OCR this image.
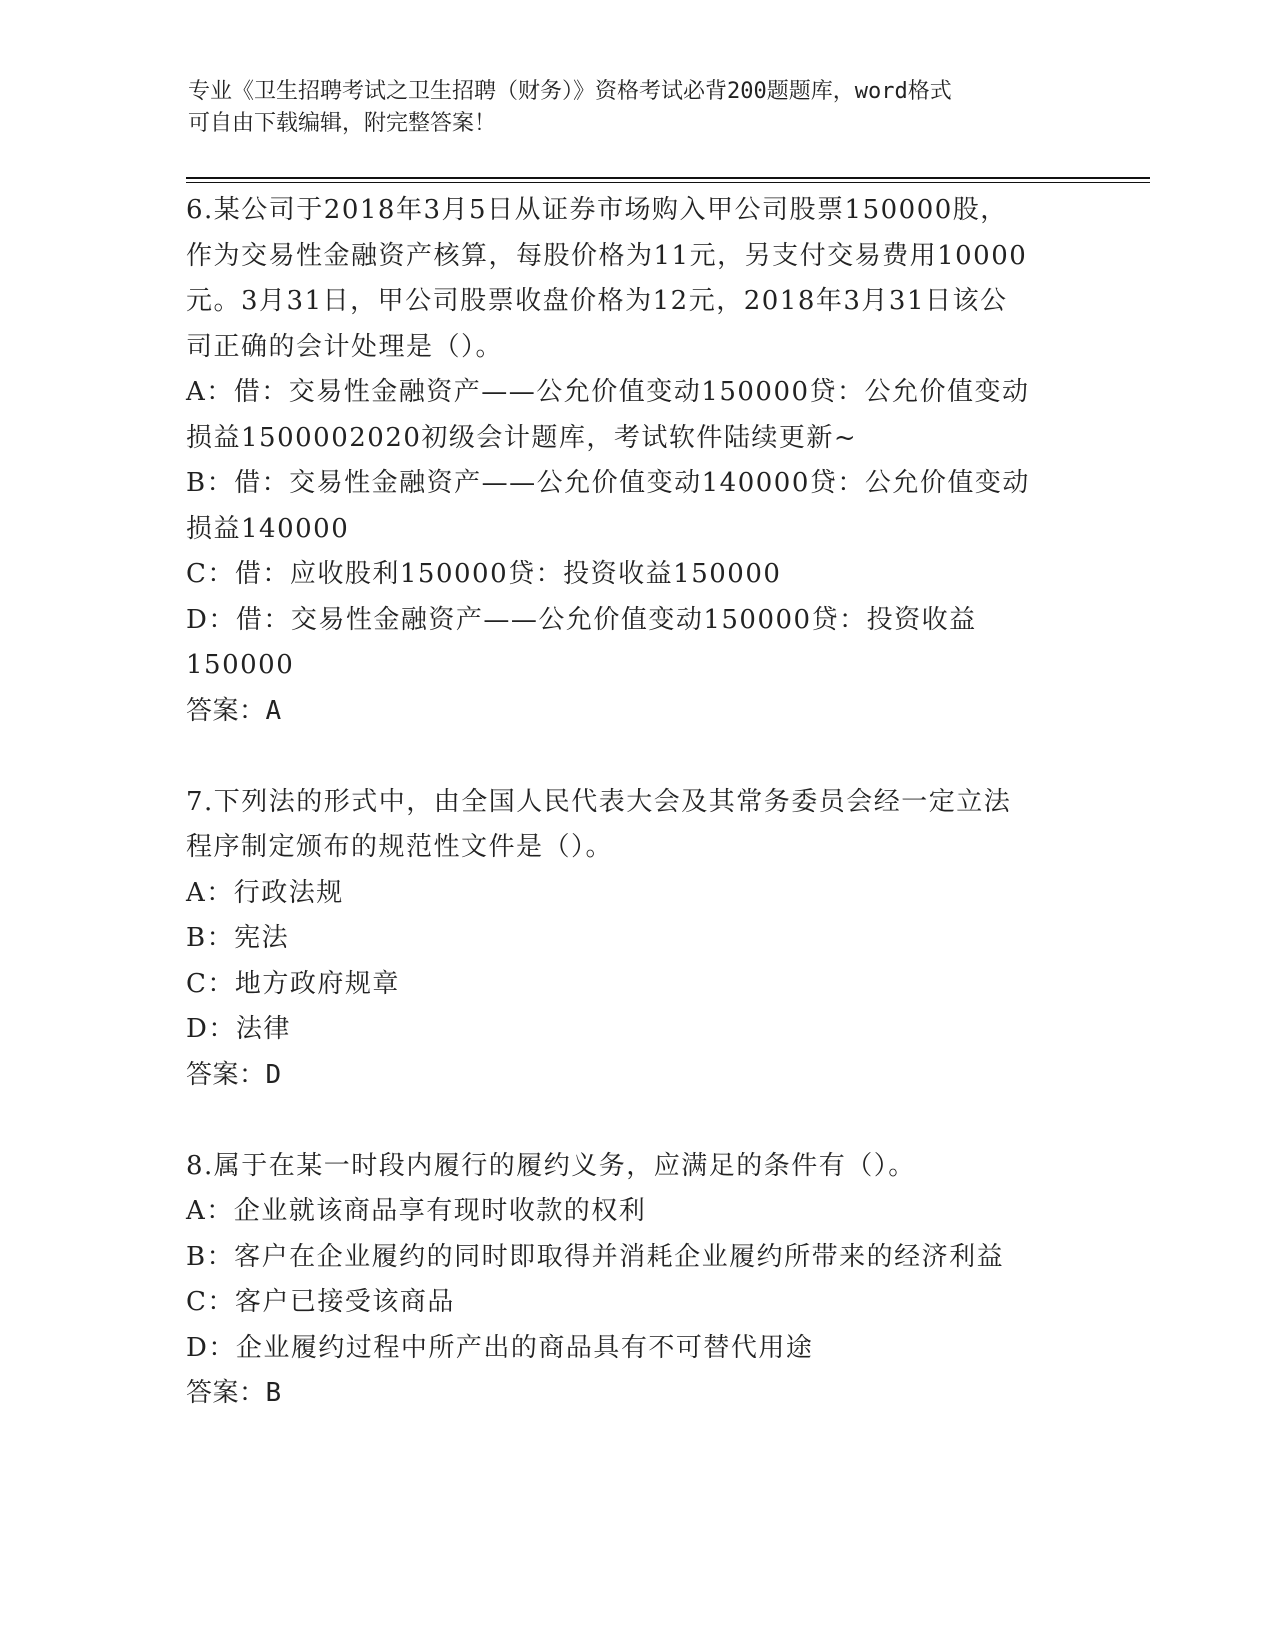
专业《卫生招聘考试之卫生招聘（财务）》资格考试必背200题题库，word格式
可自由下载编辑，附完整答案！
6.某公司于2018年3月5日从证券市场购入甲公司股票150000股，
作为交易性金融资产核算，每股价格为11元，另支付交易费用10000
元。3月31日，甲公司股票收盘价格为12元，2018年3月31日该公
司正确的会计处理是（）。
A：借：交易性金融资产——公允价值变动150000贷：公允价值变动
损益1500002020初级会计题库，考试软件陆续更新~
B：借：交易性金融资产——公允价值变动140000贷：公允价值变动
损益140000
C：借：应收股利150000贷：投资收益150000
D：借：交易性金融资产——公允价值变动150000贷：投资收益
150000
答案：A
7.下列法的形式中，由全国人民代表大会及其常务委员会经一定立法
程序制定颁布的规范性文件是（）。
A：行政法规
B：宪法
C：地方政府规章
D：法律
答案：D
8.属于在某一时段内履行的履约义务，应满足的条件有（）。
A：企业就该商品享有现时收款的权利
B：客户在企业履约的同时即取得并消耗企业履约所带来的经济利益
C：客户已接受该商品
D：企业履约过程中所产出的商品具有不可替代用途
答案：B
